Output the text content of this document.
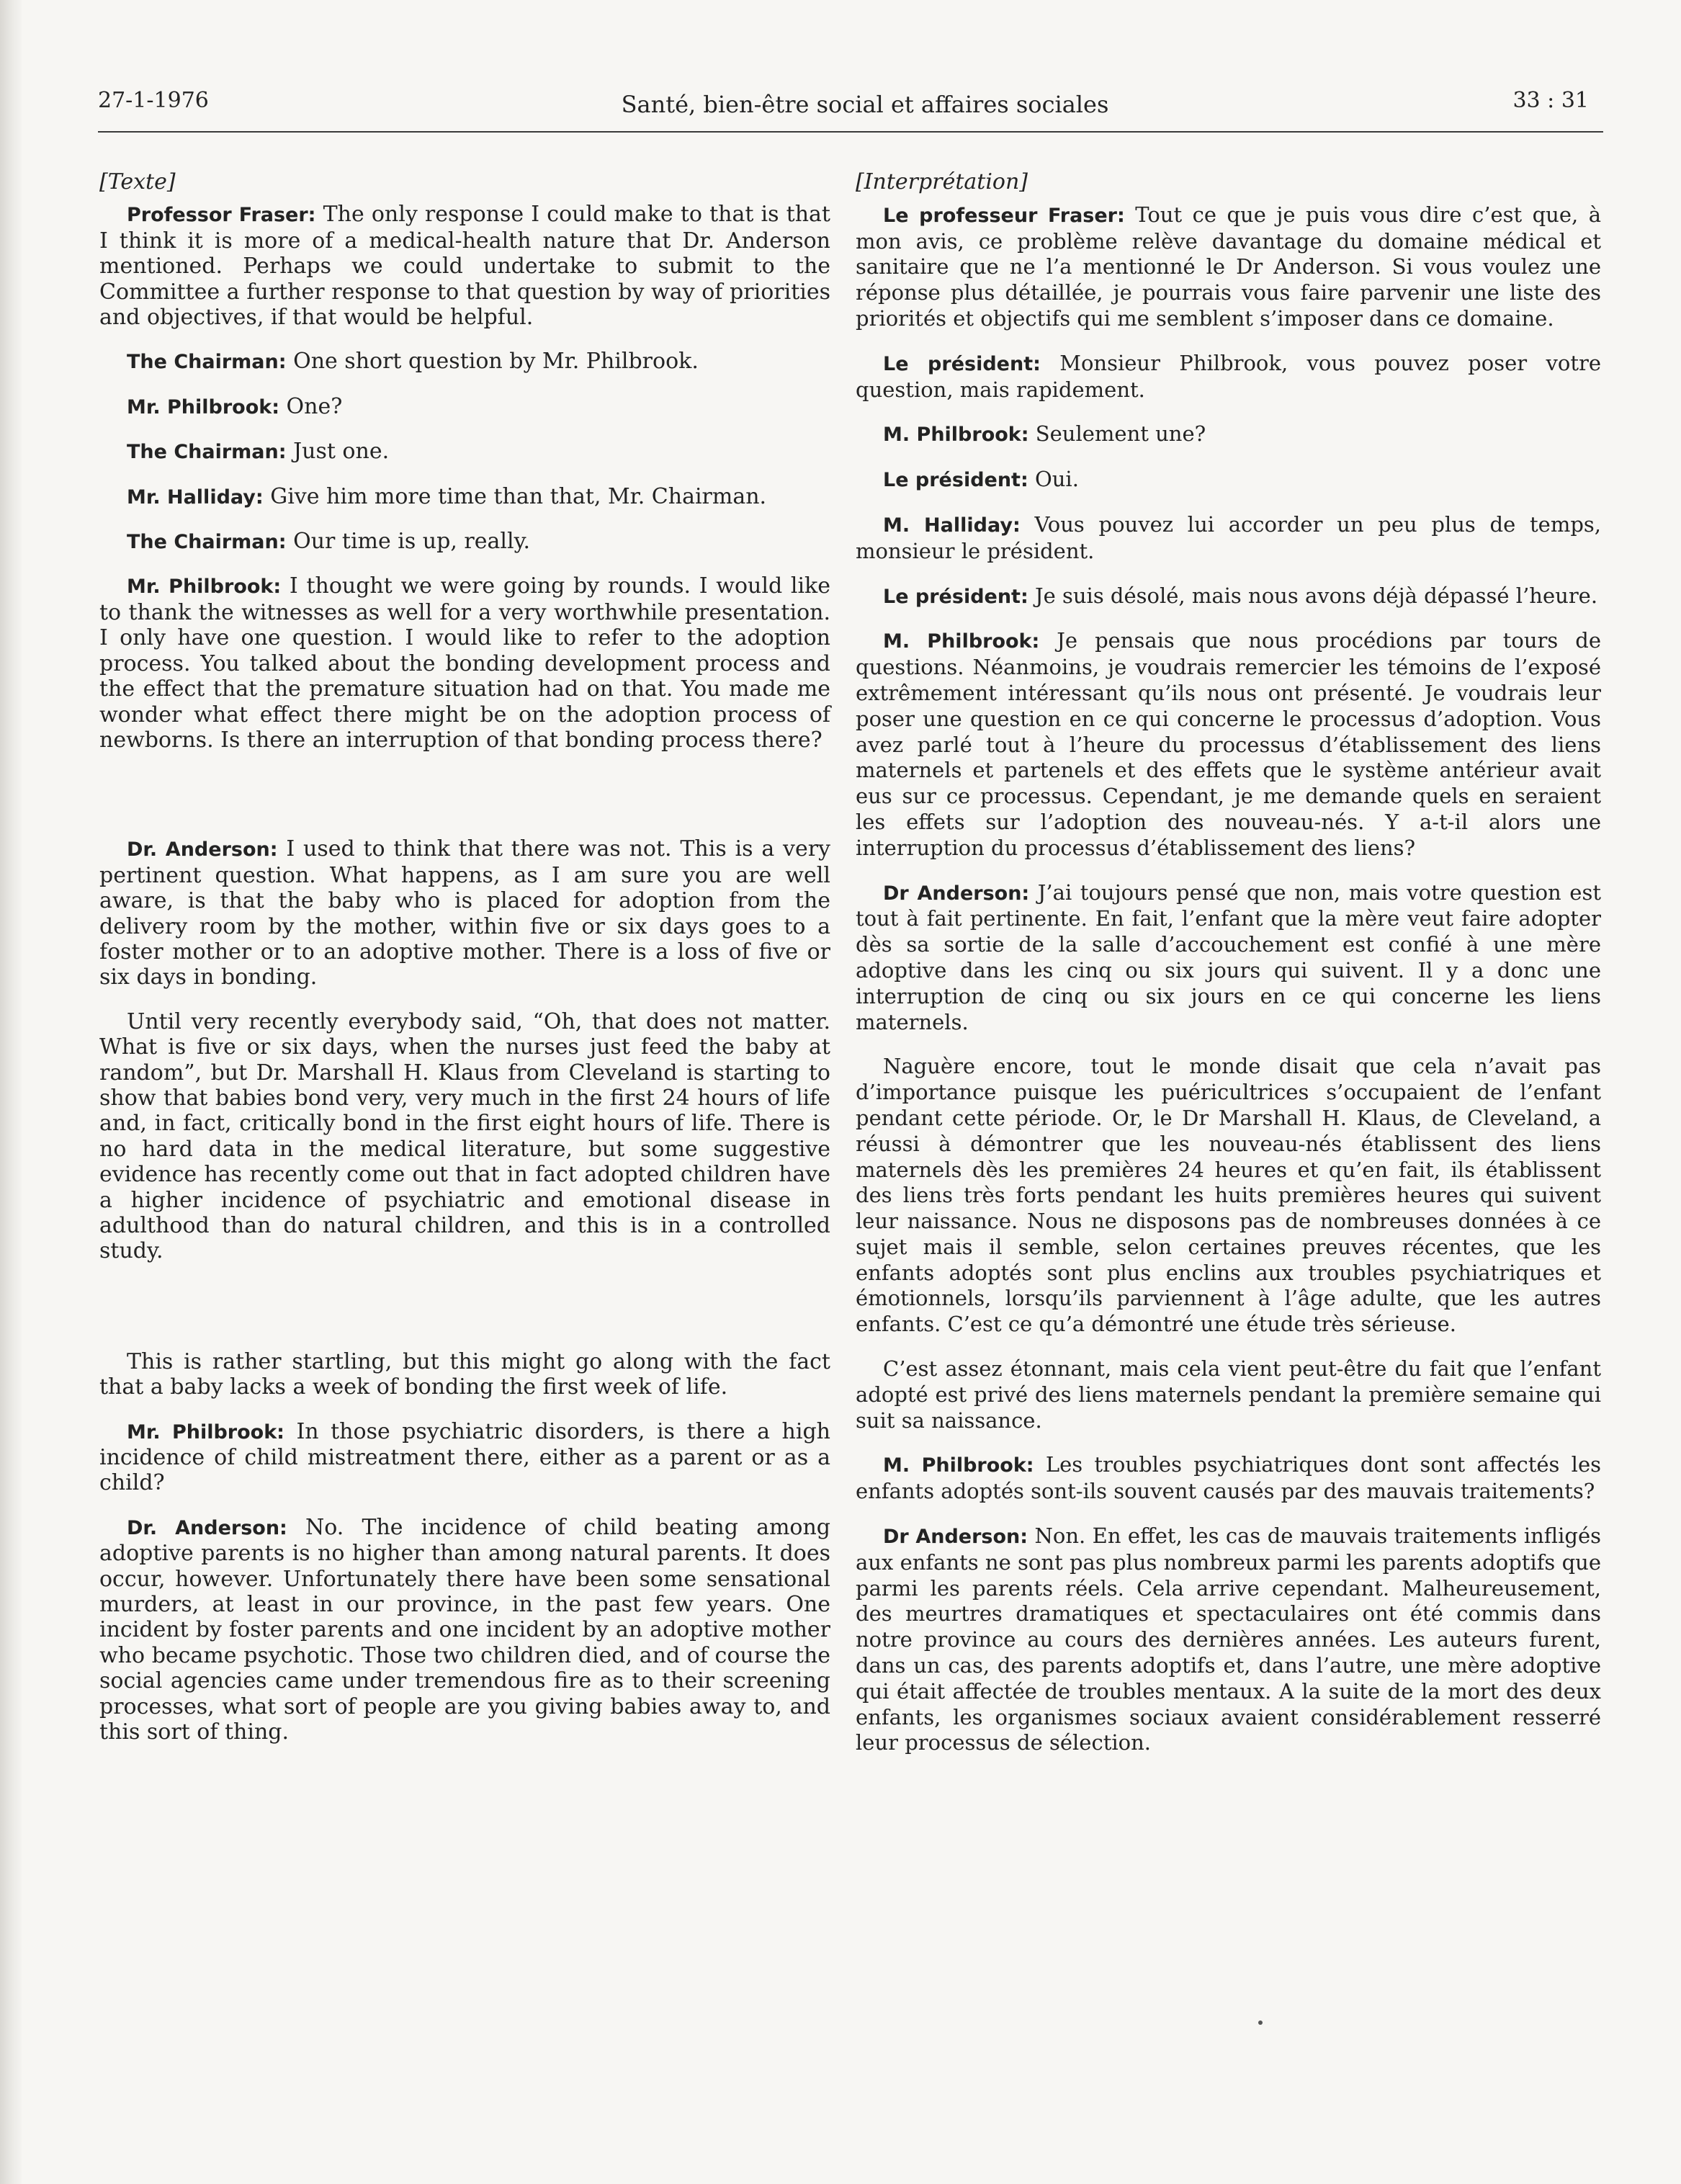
27-1-1976	Santé, bien-être social et affaires sociales	33 : 31
[Texte]

Professor Fraser: The only response I could make to that is that I think it is more of a medical-health nature that Dr. Anderson mentioned. Perhaps we could undertake to submit to the Committee a further response to that question by way of priorities and objectives, if that would be helpful.

The Chairman: One short question by Mr. Philbrook.

Mr. Philbrook: One?

The Chairman: Just one.

Mr. Halliday: Give him more time than that, Mr. Chairman.

The Chairman: Our time is up, really.

Mr. Philbrook: I thought we were going by rounds. I would like to thank the witnesses as well for a very worthwhile presentation. I only have one question. I would like to refer to the adoption process. You talked about the bonding development process and the effect that the premature situation had on that. You made me wonder what effect there might be on the adoption process of newborns. Is there an interruption of that bonding process there?

Dr. Anderson: I used to think that there was not. This is a very pertinent question. What happens, as I am sure you are well aware, is that the baby who is placed for adoption from the delivery room by the mother, within five or six days goes to a foster mother or to an adoptive mother. There is a loss of five or six days in bonding.

Until very recently everybody said, “Oh, that does not matter. What is five or six days, when the nurses just feed the baby at random”, but Dr. Marshall H. Klaus from Cleveland is starting to show that babies bond very, very much in the first 24 hours of life and, in fact, critically bond in the first eight hours of life. There is no hard data in the medical literature, but some suggestive evidence has recently come out that in fact adopted children have a higher incidence of psychiatric and emotional disease in adulthood than do natural children, and this is in a controlled study.

This is rather startling, but this might go along with the fact that a baby lacks a week of bonding the first week of life.

Mr. Philbrook: In those psychiatric disorders, is there a high incidence of child mistreatment there, either as a parent or as a child?

Dr. Anderson: No. The incidence of child beating among adoptive parents is no higher than among natural parents. It does occur, however. Unfortunately there have been some sensational murders, at least in our province, in the past few years. One incident by foster parents and one incident by an adoptive mother who became psychotic. Those two children died, and of course the social agencies came under tremendous fire as to their screening processes, what sort of people are you giving babies away to, and this sort of thing.

[Interprétation]

Le professeur Fraser: Tout ce que je puis vous dire c’est que, à mon avis, ce problème relève davantage du domaine médical et sanitaire que ne l’a mentionné le Dr Anderson. Si vous voulez une réponse plus détaillée, je pourrais vous faire parvenir une liste des priorités et objectifs qui me semblent s’imposer dans ce domaine.

Le président: Monsieur Philbrook, vous pouvez poser votre question, mais rapidement.

M. Philbrook: Seulement une?

Le président: Oui.

M. Halliday: Vous pouvez lui accorder un peu plus de temps, monsieur le président.

Le président: Je suis désolé, mais nous avons déjà dépassé l’heure.

M. Philbrook: Je pensais que nous procédions par tours de questions. Néanmoins, je voudrais remercier les témoins de l’exposé extrêmement intéressant qu’ils nous ont présenté. Je voudrais leur poser une question en ce qui concerne le processus d’adoption. Vous avez parlé tout à l’heure du processus d’établissement des liens maternels et partenels et des effets que le système antérieur avait eus sur ce processus. Cependant, je me demande quels en seraient les effets sur l’adoption des nouveau-nés. Y a-t-il alors une interruption du processus d’établissement des liens?

Dr Anderson: J’ai toujours pensé que non, mais votre question est tout à fait pertinente. En fait, l’enfant que la mère veut faire adopter dès sa sortie de la salle d’accouchement est confié à une mère adoptive dans les cinq ou six jours qui suivent. Il y a donc une interruption de cinq ou six jours en ce qui concerne les liens maternels.

Naguère encore, tout le monde disait que cela n’avait pas d’importance puisque les puéricultrices s’occupaient de l’enfant pendant cette période. Or, le Dr Marshall H. Klaus, de Cleveland, a réussi à démontrer que les nouveau-nés établissent des liens maternels dès les premières 24 heures et qu’en fait, ils établissent des liens très forts pendant les huits premières heures qui suivent leur naissance. Nous ne disposons pas de nombreuses données à ce sujet mais il semble, selon certaines preuves récentes, que les enfants adoptés sont plus enclins aux troubles psychiatriques et émotionnels, lorsqu’ils parviennent à l’âge adulte, que les autres enfants. C’est ce qu’a démontré une étude très sérieuse.

C’est assez étonnant, mais cela vient peut-être du fait que l’enfant adopté est privé des liens maternels pendant la première semaine qui suit sa naissance.

M. Philbrook: Les troubles psychiatriques dont sont affectés les enfants adoptés sont-ils souvent causés par des mauvais traitements?

Dr Anderson: Non. En effet, les cas de mauvais traitements infligés aux enfants ne sont pas plus nombreux parmi les parents adoptifs que parmi les parents réels. Cela arrive cependant. Malheureusement, des meurtres dramatiques et spectaculaires ont été commis dans notre province au cours des dernières années. Les auteurs furent, dans un cas, des parents adoptifs et, dans l’autre, une mère adoptive qui était affectée de troubles mentaux. A la suite de la mort des deux enfants, les organismes sociaux avaient considérablement resserré leur processus de sélection.
